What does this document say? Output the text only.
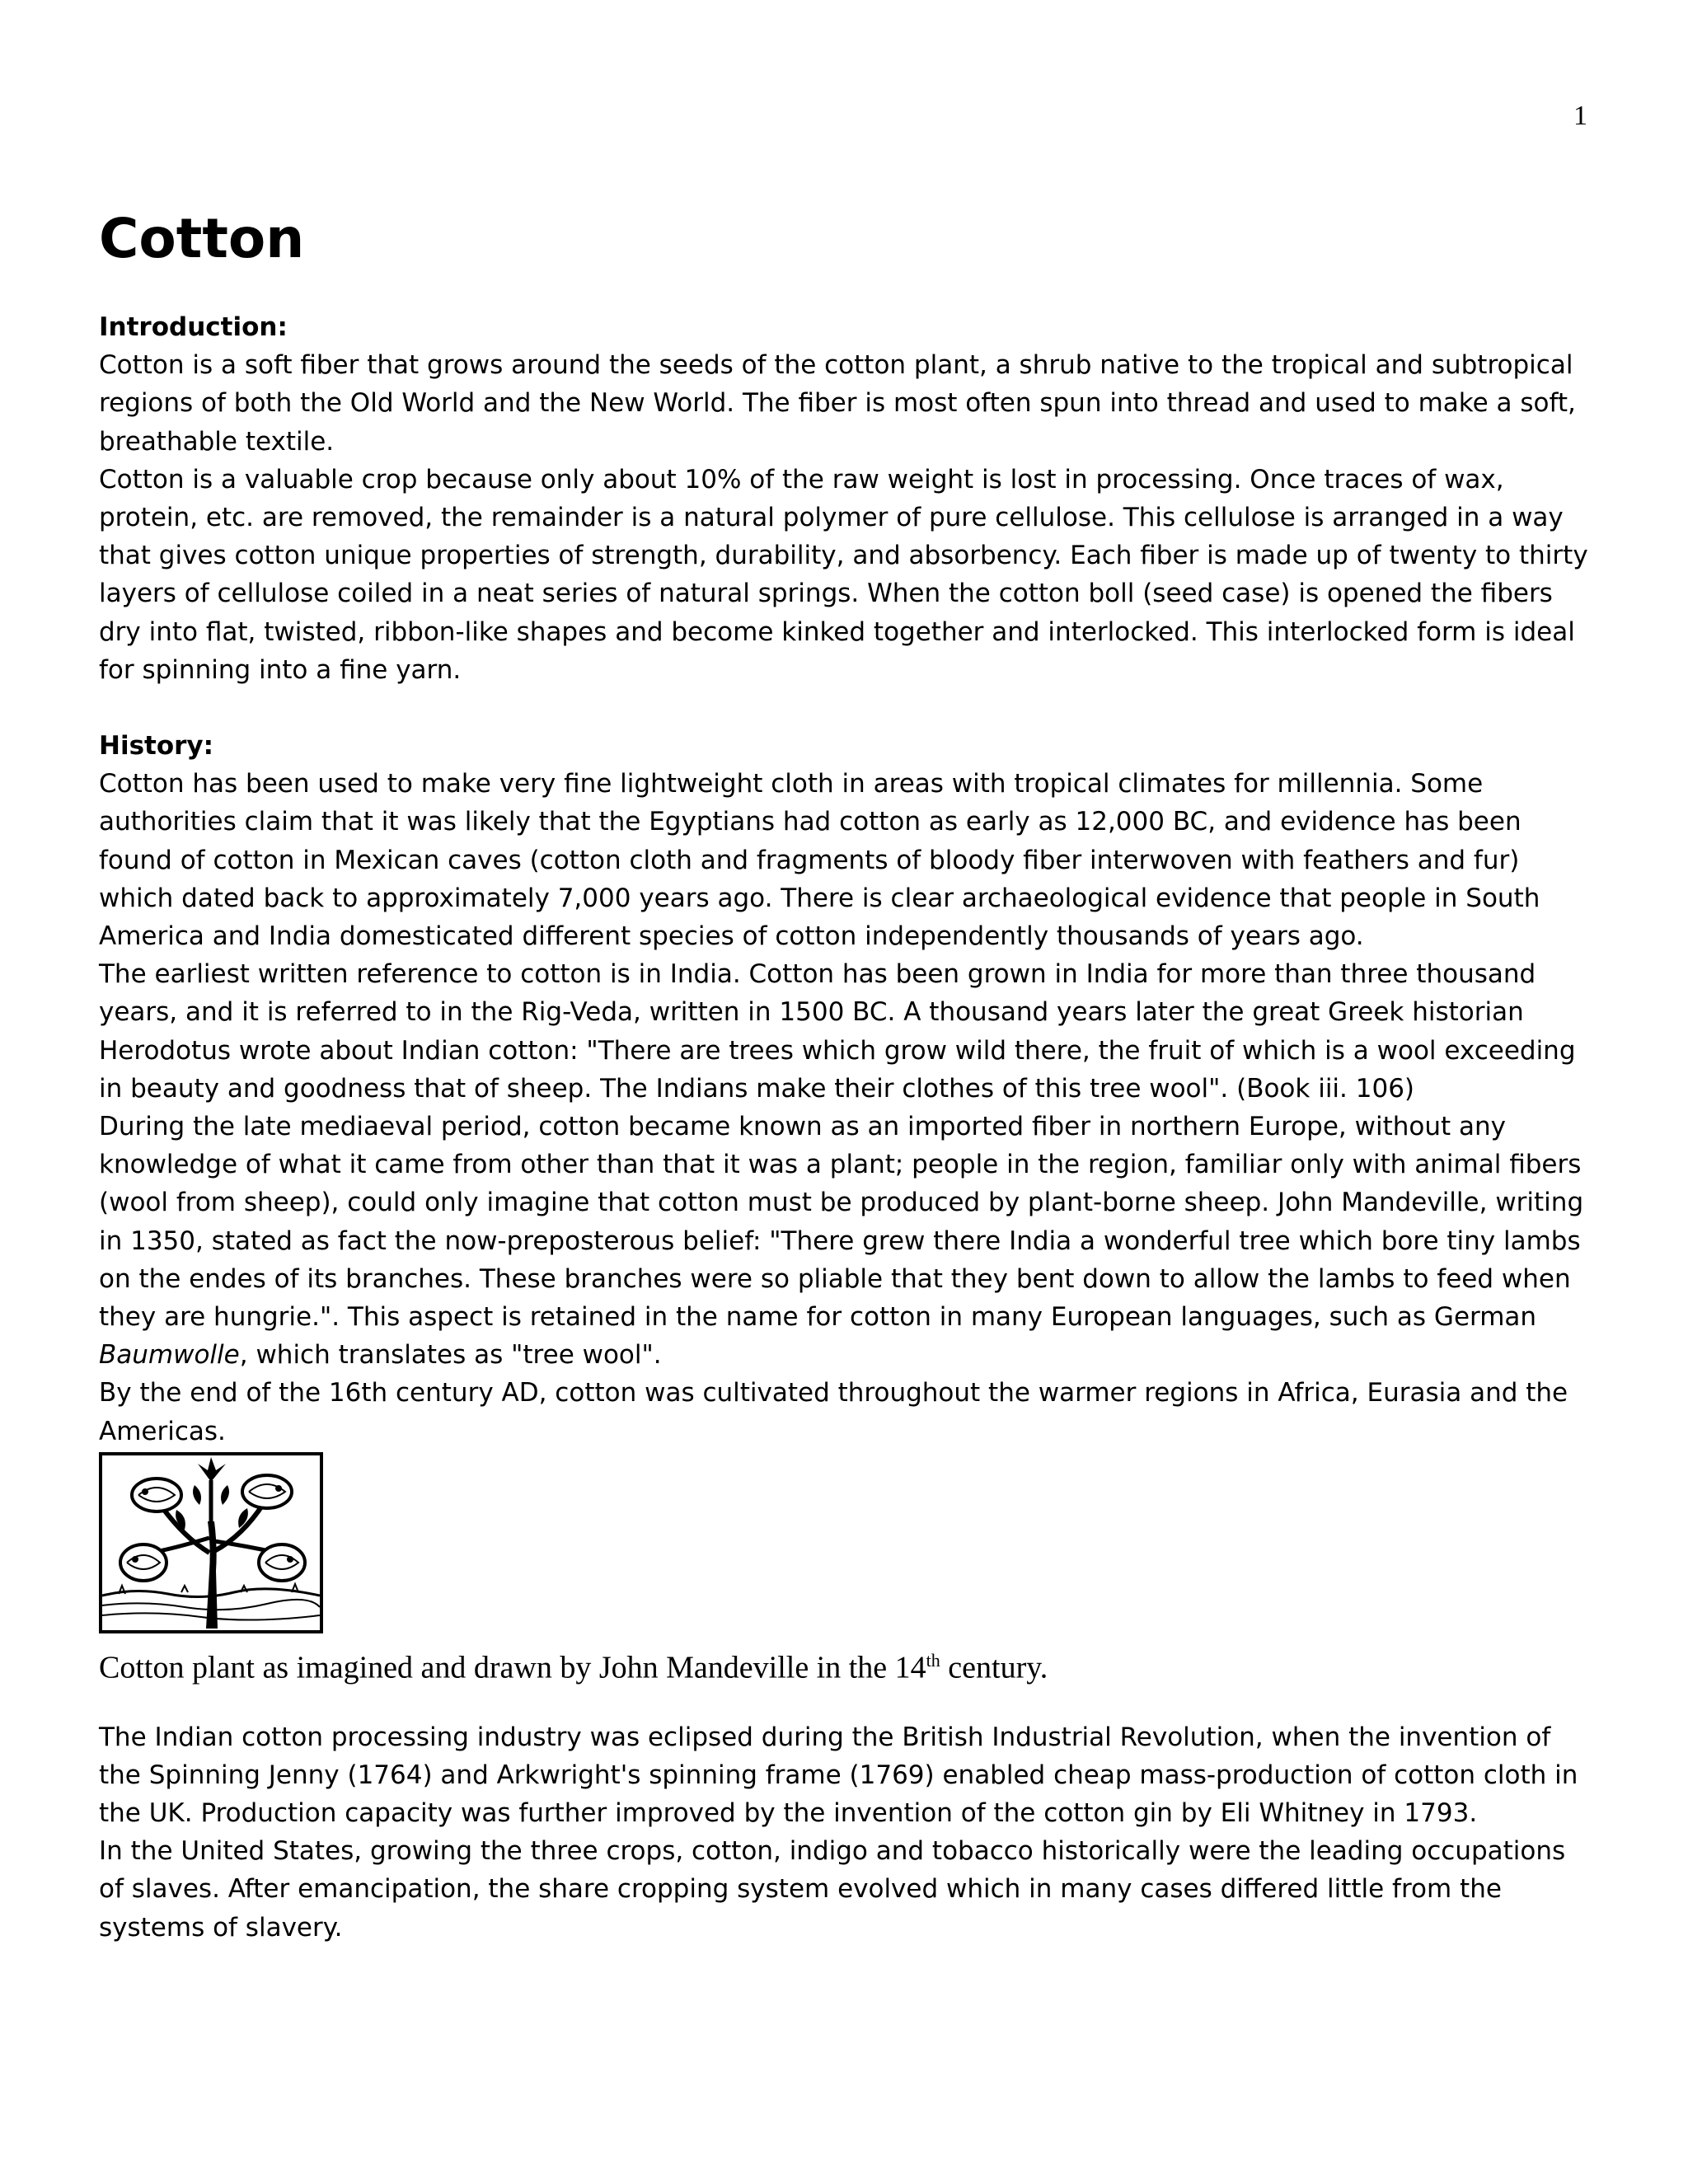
1
Cotton

Introduction:

Cotton is a soft fiber that grows around the seeds of the cotton plant, a shrub native to the tropical and subtropical regions of both the Old World and the New World. The fiber is most often spun into thread and used to make a soft, breathable textile.

Cotton is a valuable crop because only about 10% of the raw weight is lost in processing. Once traces of wax, protein, etc. are removed, the remainder is a natural polymer of pure cellulose. This cellulose is arranged in a way that gives cotton unique properties of strength, durability, and absorbency. Each fiber is made up of twenty to thirty layers of cellulose coiled in a neat series of natural springs. When the cotton boll (seed case) is opened the fibers dry into flat, twisted, ribbon-like shapes and become kinked together and interlocked. This interlocked form is ideal for spinning into a fine yarn.

History:

Cotton has been used to make very fine lightweight cloth in areas with tropical climates for millennia. Some authorities claim that it was likely that the Egyptians had cotton as early as 12,000 BC, and evidence has been found of cotton in Mexican caves (cotton cloth and fragments of bloody fiber interwoven with feathers and fur) which dated back to approximately 7,000 years ago. There is clear archaeological evidence that people in South America and India domesticated different species of cotton independently thousands of years ago.

The earliest written reference to cotton is in India. Cotton has been grown in India for more than three thousand years, and it is referred to in the Rig-Veda, written in 1500 BC. A thousand years later the great Greek historian Herodotus wrote about Indian cotton: "There are trees which grow wild there, the fruit of which is a wool exceeding in beauty and goodness that of sheep. The Indians make their clothes of this tree wool". (Book iii. 106)

During the late mediaeval period, cotton became known as an imported fiber in northern Europe, without any knowledge of what it came from other than that it was a plant; people in the region, familiar only with animal fibers (wool from sheep), could only imagine that cotton must be produced by plant-borne sheep. John Mandeville, writing in 1350, stated as fact the now-preposterous belief: "There grew there India a wonderful tree which bore tiny lambs on the endes of its branches. These branches were so pliable that they bent down to allow the lambs to feed when they are hungrie.". This aspect is retained in the name for cotton in many European languages, such as German Baumwolle, which translates as "tree wool".

By the end of the 16th century AD, cotton was cultivated throughout the warmer regions in Africa, Eurasia and the Americas.

Cotton plant as imagined and drawn by John Mandeville in the 14th century.

The Indian cotton processing industry was eclipsed during the British Industrial Revolution, when the invention of the Spinning Jenny (1764) and Arkwright's spinning frame (1769) enabled cheap mass-production of cotton cloth in the UK. Production capacity was further improved by the invention of the cotton gin by Eli Whitney in 1793.

In the United States, growing the three crops, cotton, indigo and tobacco historically were the leading occupations of slaves. After emancipation, the share cropping system evolved which in many cases differed little from the systems of slavery.
